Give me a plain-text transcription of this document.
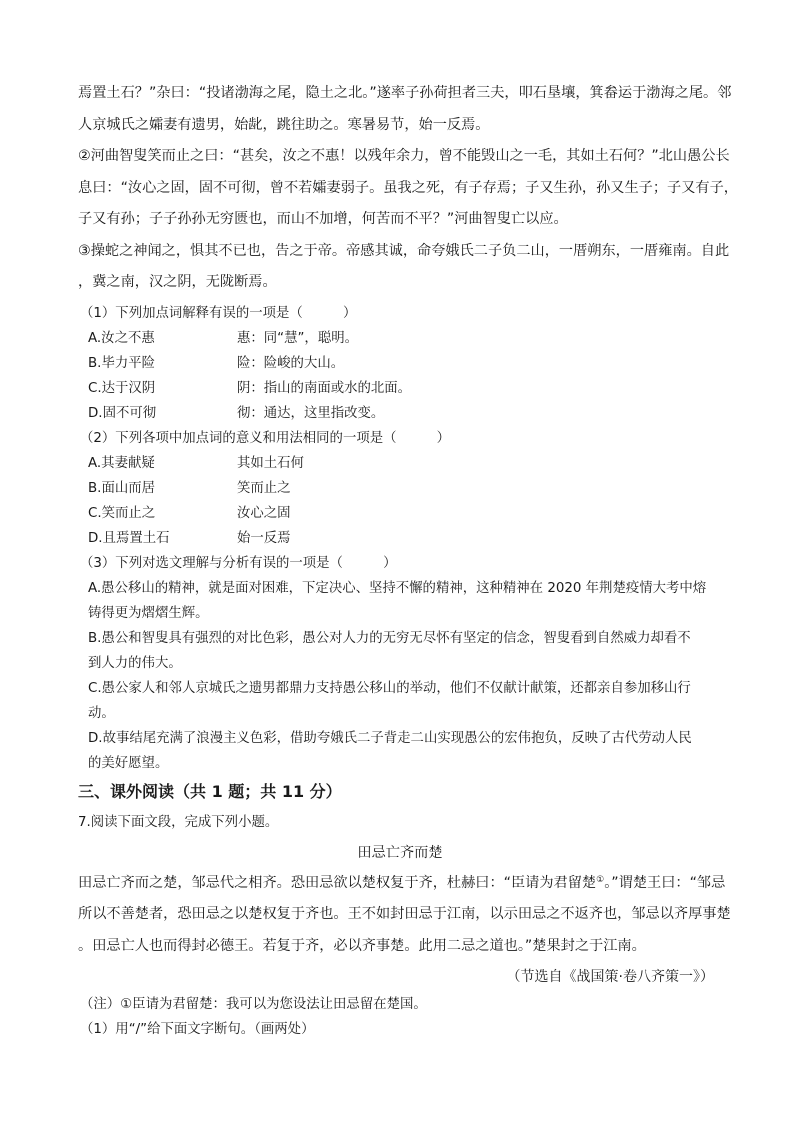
焉置土石？”杂曰：“投诸渤海之尾，隐土之北。”遂率子孙荷担者三夫，叩石垦壤，箕畚运于渤海之尾。邻

人京城氏之孀妻有遗男，始龀，跳往助之。寒暑易节，始一反焉。

②河曲智叟笑而止之曰：“甚矣，汝之不惠！以残年余力，曾不能毁山之一毛，其如土石何？”北山愚公长

息曰：“汝心之固，固不可彻，曾不若孀妻弱子。虽我之死，有子存焉；子又生孙，孙又生子；子又有子，

子又有孙；子子孙孙无穷匮也，而山不加增，何苦而不平？”河曲智叟亡以应。

③操蛇之神闻之，惧其不已也，告之于帝。帝感其诚，命夸娥氏二子负二山，一厝朔东，一厝雍南。自此

，冀之南，汉之阴，无陇断焉。

（1）下列加点词解释有误的一项是（　　　）

A.汝之不惠	惠：同“慧”，聪明。
B.毕力平险	险：险峻的大山。
C.达于汉阴	阴：指山的南面或水的北面。
D.固不可彻	彻：通达，这里指改变。

（2）下列各项中加点词的意义和用法相同的一项是（　　　）

A.其妻献疑	其如土石何
B.面山而居	笑而止之
C.笑而止之	汝心之固
D.且焉置土石	始一反焉

（3）下列对选文理解与分析有误的一项是（　　　）

A.愚公移山的精神，就是面对困难，下定决心、坚持不懈的精神，这种精神在 2020 年荆楚疫情大考中熔

铸得更为熠熠生辉。

B.愚公和智叟具有强烈的对比色彩，愚公对人力的无穷无尽怀有坚定的信念，智叟看到自然威力却看不

到人力的伟大。

C.愚公家人和邻人京城氏之遗男都鼎力支持愚公移山的举动，他们不仅献计献策，还都亲自参加移山行

动。

D.故事结尾充满了浪漫主义色彩，借助夸娥氏二子背走二山实现愚公的宏伟抱负，反映了古代劳动人民

的美好愿望。

三、课外阅读（共 1 题；共 11 分）

7.阅读下面文段，完成下列小题。

田忌亡齐而楚

田忌亡齐而之楚，邹忌代之相齐。恐田忌欲以楚权复于齐，杜赫曰：“臣请为君留楚①。”谓楚王曰：“邹忌

所以不善楚者，恐田忌之以楚权复于齐也。王不如封田忌于江南，以示田忌之不返齐也，邹忌以齐厚事楚

。田忌亡人也而得封必德王。若复于齐，必以齐事楚。此用二忌之道也。”楚果封之于江南。

（节选自《战国策·卷八齐策一》）

（注）①臣请为君留楚：我可以为您设法让田忌留在楚国。

（1）用“/”给下面文字断句。（画两处）
